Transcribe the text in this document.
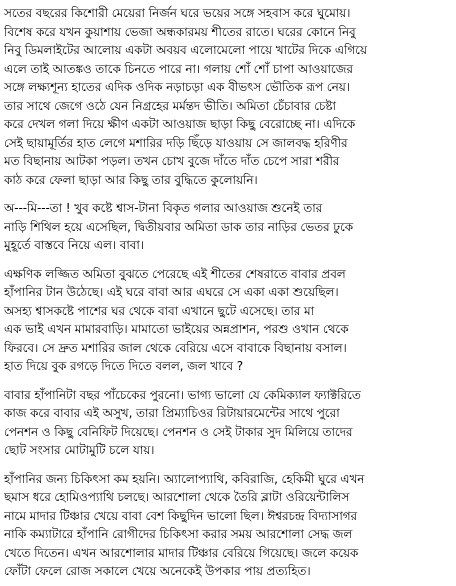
সতের বছরের কিশোরী মেয়েরা নির্জন ঘরে ভয়ের সঙ্গে সহবাস করে ঘুমোয়।
বিশেষ করে যখন কুয়াশায় ভেজা অন্ধকারময় শীতের রাতে। ঘরের কোনে নিবু
নিবু ডিমলাইটের আলোয় একটা অবয়ব এলোমেলো পায়ে খাটের দিকে এগিয়ে
এলে তাই আতঙ্কও তাকে চিনতে পারে না। গলায় শোঁ শোঁ চাপা আওয়াজের
সঙ্গে লক্ষ্যশূন্য হাতের এদিক ওদিক নড়াচড়া এক বীভৎস ভৌতিক রূপ নেয়।
তার সাথে জেগে ওঠে যেন নিগ্রহের মর্মন্তদ ভীতি। অমিতা চেঁচাবার চেষ্টা
করে দেখল গলা দিয়ে ক্ষীণ একটা আওয়াজ ছাড়া কিছু বেরোচ্ছে না। এদিকে
সেই ছায়ামূর্তির হাত লেগে মশারির দড়ি ছিঁড়ে যাওয়ায় সে জালবদ্ধ হরিণীর
মত বিছানায় আটকা পড়ল। তখন চোখ বুজে দাঁতে দাঁত চেপে সারা শরীর
কাঠ করে ফেলা ছাড়া আর কিছু তার বুদ্ধিতে কুলোয়নি।
অ---মি---তা ! খুব কষ্টে শ্বাস-টানা বিকৃত গলার আওয়াজ শুনেই তার
নাড়ি শিথিল হয়ে এসেছিল, দ্বিতীয়বার অমিতা ডাক তার নাড়ির ভেতর ঢুকে
মুহূর্তে বাস্তবে নিয়ে এল। বাবা।
এক্ষণিক লজ্জিত অমিতা বুঝতে পেরেছে এই শীতের শেষরাতে বাবার প্রবল
হাঁপানির টান উঠেছে। এই ঘরে বাবা আর এঘরে সে একা একা শুয়েছিল।
অসহ্য শ্বাসকষ্টে পাশের ঘর থেকে বাবা এখানে ছুটে এসেছে। তার মা
এক ভাই এখন মামারবাড়ি। মামাতো ভাইয়ের অন্নপ্রাশন, পরশু ওখান থেকে
ফিরবে। সে দ্রুত মশারির জাল থেকে বেরিয়ে এসে বাবাকে বিছানায় বসাল।
হাত দিয়ে বুক রগড়ে দিতে দিতে বলল, জল খাবে ?
বাবার হাঁপানিটা বছর পাঁচেকের পুরনো। ভাগ্য ভালো যে কেমিক্যাল ফ্যাক্টরিতে
কাজ করে বাবার এই অসুখ, তারা প্রিম্যাচিওর রিটায়ারমেন্টের সাথে পুরো
পেনশন ও কিছু বেনিফিট দিয়েছে। পেনশন ও সেই টাকার সুদ মিলিয়ে তাদের
ছোট সংসার মোটামুটি চলে যায়।
হাঁপানির জন্য চিকিৎসা কম হয়নি। অ্যালোপ্যাথি, কবিরাজি, হেকিমী ঘুরে এখন
ছমাস ধরে হোমিওপ্যাথি চলছে। আরশোলা থেকে তৈরি ব্লাটা ওরিয়েন্টালিস
নামে মাদার টিঞ্চার খেয়ে বাবা বেশ কিছুদিন ভালো ছিল। ঈশ্বরচন্দ্র বিদ্যাসাগর
নাকি কম্যাটারে হাঁপানি রোগীদের চিকিৎসা করার সময় আরশোলা সেদ্ধ জল
খেতে দিতেন। এখন আরশোলার মাদার টিঞ্চার বেরিয়ে গিয়েছে। জলে কয়েক
ফোঁটা ফেলে রোজ সকালে খেয়ে অনেকেই উপকার পায় প্রত্যহিত।
